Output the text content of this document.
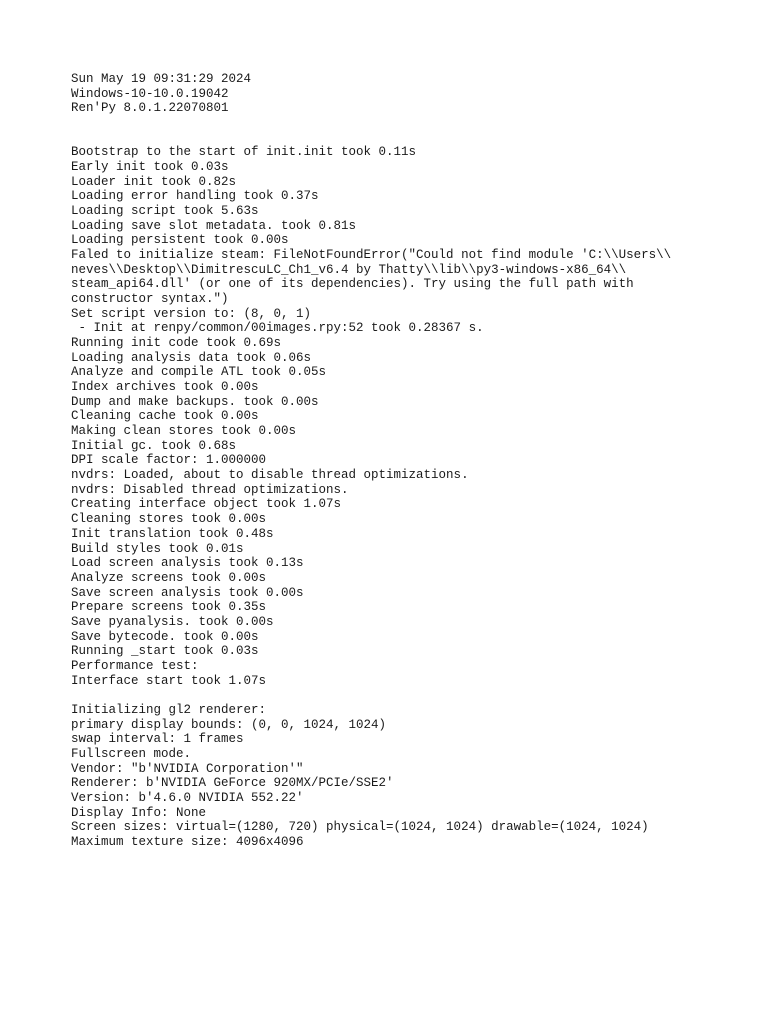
Sun May 19 09:31:29 2024
Windows-10-10.0.19042
Ren'Py 8.0.1.22070801
Bootstrap to the start of init.init took 0.11s
Early init took 0.03s
Loader init took 0.82s
Loading error handling took 0.37s
Loading script took 5.63s
Loading save slot metadata. took 0.81s
Loading persistent took 0.00s
Faled to initialize steam: FileNotFoundError("Could not find module 'C:\\Users\\
neves\\Desktop\\DimitrescuLC_Ch1_v6.4 by Thatty\\lib\\py3-windows-x86_64\\
steam_api64.dll' (or one of its dependencies). Try using the full path with
constructor syntax.")
Set script version to: (8, 0, 1)
- Init at renpy/common/00images.rpy:52 took 0.28367 s.
Running init code took 0.69s
Loading analysis data took 0.06s
Analyze and compile ATL took 0.05s
Index archives took 0.00s
Dump and make backups. took 0.00s
Cleaning cache took 0.00s
Making clean stores took 0.00s
Initial gc. took 0.68s
DPI scale factor: 1.000000
nvdrs: Loaded, about to disable thread optimizations.
nvdrs: Disabled thread optimizations.
Creating interface object took 1.07s
Cleaning stores took 0.00s
Init translation took 0.48s
Build styles took 0.01s
Load screen analysis took 0.13s
Analyze screens took 0.00s
Save screen analysis took 0.00s
Prepare screens took 0.35s
Save pyanalysis. took 0.00s
Save bytecode. took 0.00s
Running _start took 0.03s
Performance test:
Interface start took 1.07s
Initializing gl2 renderer:
primary display bounds: (0, 0, 1024, 1024)
swap interval: 1 frames
Fullscreen mode.
Vendor: "b'NVIDIA Corporation'"
Renderer: b'NVIDIA GeForce 920MX/PCIe/SSE2'
Version: b'4.6.0 NVIDIA 552.22'
Display Info: None
Screen sizes: virtual=(1280, 720) physical=(1024, 1024) drawable=(1024, 1024)
Maximum texture size: 4096x4096
